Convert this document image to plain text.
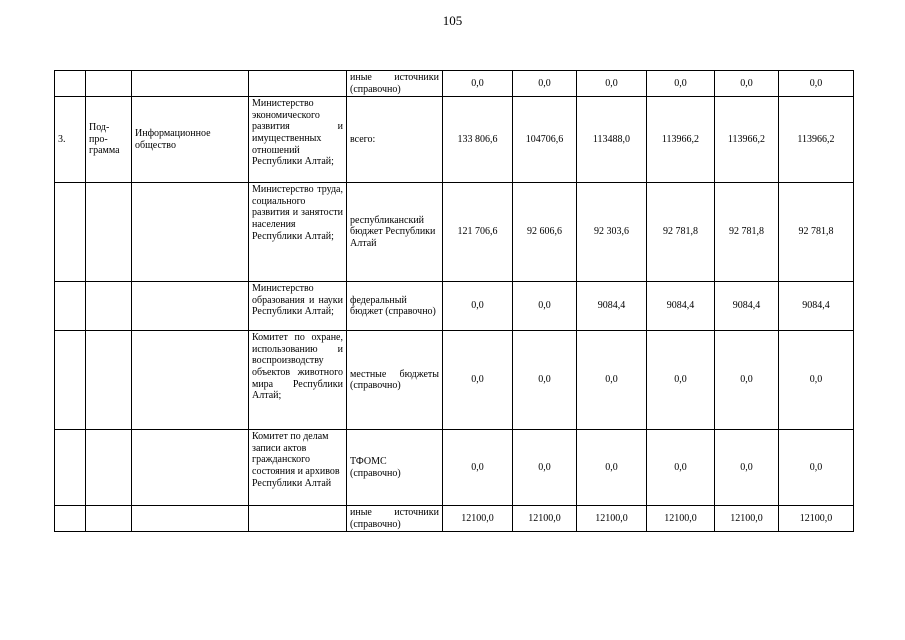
105
				иные источники (справочно)	0,0	0,0	0,0	0,0	0,0	0,0
3.	Под-про-грамма	Информационное общество	Министерство экономического развития и имущественных отношений Республики Алтай;	всего:	133 806,6	104706,6	113488,0	113966,2	113966,2	113966,2
			Министерство труда, социального развития и занятости населения Республики Алтай;	республиканский бюджет Республики Алтай	121 706,6	92 606,6	92 303,6	92 781,8	92 781,8	92 781,8
			Министерство образования и науки Республики Алтай;	федеральный бюджет (справочно)	0,0	0,0	9084,4	9084,4	9084,4	9084,4
			Комитет по охране, использованию и воспроизводству объектов животного мира Республики Алтай;	местные бюджеты (справочно)	0,0	0,0	0,0	0,0	0,0	0,0
			Комитет по делам записи актов гражданского состояния и архивов Республики Алтай	ТФОМС (справочно)	0,0	0,0	0,0	0,0	0,0	0,0
				иные источники (справочно)	12100,0	12100,0	12100,0	12100,0	12100,0	12100,0
